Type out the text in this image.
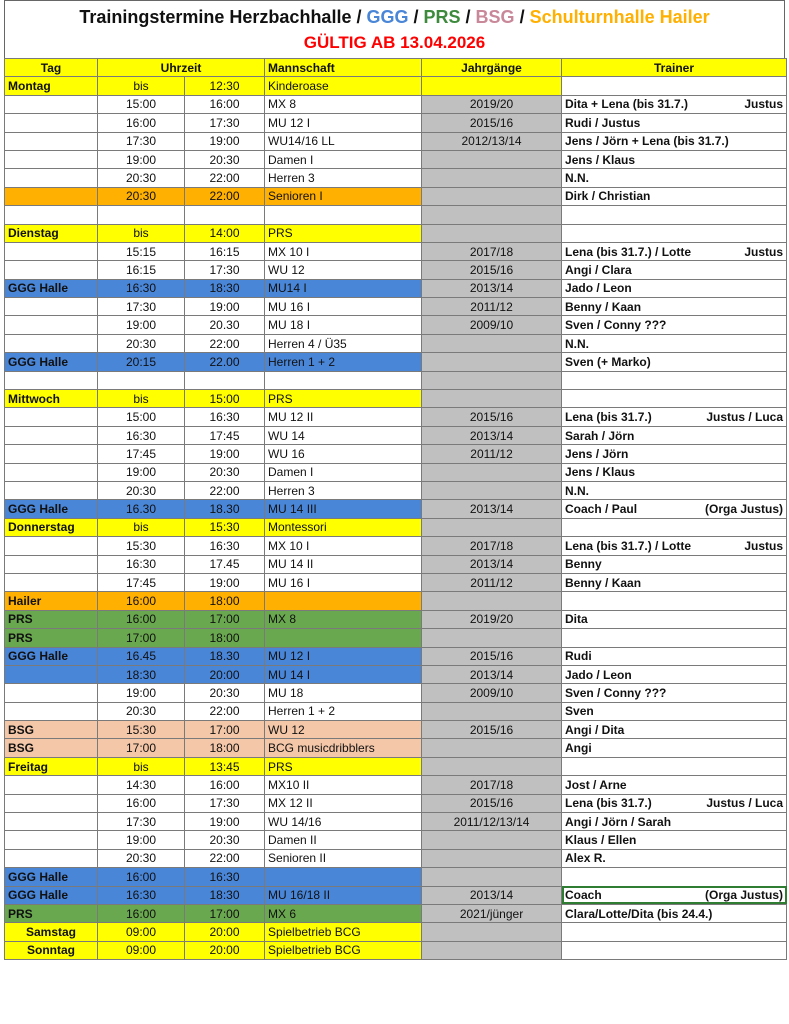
Trainingstermine Herzbachhalle / GGG / PRS / BSG / Schulturnhalle Hailer
GÜLTIG AB 13.04.2026
Tag	Uhrzeit		Mannschaft	Jahrgänge	Trainer
Montag	bis	12:30	Kinderoase		
	15:00	16:00	MX 8	2019/20	Dita + Lena (bis 31.7.) Justus

	16:00	17:30	MU 12 I	2015/16	Rudi / Justus
	17:30	19:00	WU14/16 LL	2012/13/14	Jens / Jörn + Lena (bis 31.7.)
	19:00	20:30	Damen I		Jens / Klaus
	20:30	22:00	Herren 3		N.N.
	20:30	22:00	Senioren I		Dirk / Christian

Dienstag	bis	14:00	PRS		
	15:15	16:15	MX 10 I	2017/18	Lena (bis 31.7.) / Lotte Justus

	16:15	17:30	WU 12	2015/16	Angi / Clara
GGG Halle	16:30	18:30	MU14 I	2013/14	Jado / Leon
	17:30	19:00	MU 16 I	2011/12	Benny / Kaan
	19:00	20.30	MU 18 I	2009/10	Sven / Conny ???
	20:30	22:00	Herren 4 / Ü35		N.N.
GGG Halle	20:15	22.00	Herren 1 + 2		Sven (+ Marko)

Mittwoch	bis	15:00	PRS		
	15:00	16:30	MU 12 II	2015/16	Lena (bis 31.7.) Justus / Luca

	16:30	17:45	WU 14	2013/14	Sarah / Jörn
	17:45	19:00	WU 16	2011/12	Jens / Jörn
	19:00	20:30	Damen I		Jens / Klaus
	20:30	22:00	Herren 3		N.N.
GGG Halle	16.30	18.30	MU 14 III	2013/14	Coach / Paul (Orga Justus)

Donnerstag	bis	15:30	Montessori		
	15:30	16:30	MX 10 I	2017/18	Lena (bis 31.7.) / Lotte Justus

	16:30	17.45	MU 14 II	2013/14	Benny
	17:45	19:00	MU 16 I	2011/12	Benny / Kaan
Hailer	16:00	18:00			
PRS	16:00	17:00	MX 8	2019/20	Dita
PRS	17:00	18:00			
GGG Halle	16.45	18.30	MU 12 I	2015/16	Rudi
	18:30	20:00	MU 14 I	2013/14	Jado / Leon
	19:00	20:30	MU 18	2009/10	Sven / Conny ???
	20:30	22:00	Herren 1 + 2		Sven
BSG	15:30	17:00	WU 12	2015/16	Angi / Dita
BSG	17:00	18:00	BCG musicdribblers		Angi
Freitag	bis	13:45	PRS		
	14:30	16:00	MX10 II	2017/18	Jost / Arne
	16:00	17:30	MX 12 II	2015/16	Lena (bis 31.7.) Justus / Luca

	17:30	19:00	WU 14/16	2011/12/13/14	Angi / Jörn / Sarah
	19:00	20:30	Damen II		Klaus / Ellen
	20:30	22:00	Senioren II		Alex R.
GGG Halle	16:00	16:30			
GGG Halle	16:30	18:30	MU 16/18 II	2013/14	Coach (Orga Justus)

PRS	16:00	17:00	MX 6	2021/jünger	Clara/Lotte/Dita (bis 24.4.)
Samstag	09:00	20:00	Spielbetrieb BCG		
Sonntag	09:00	20:00	Spielbetrieb BCG		
